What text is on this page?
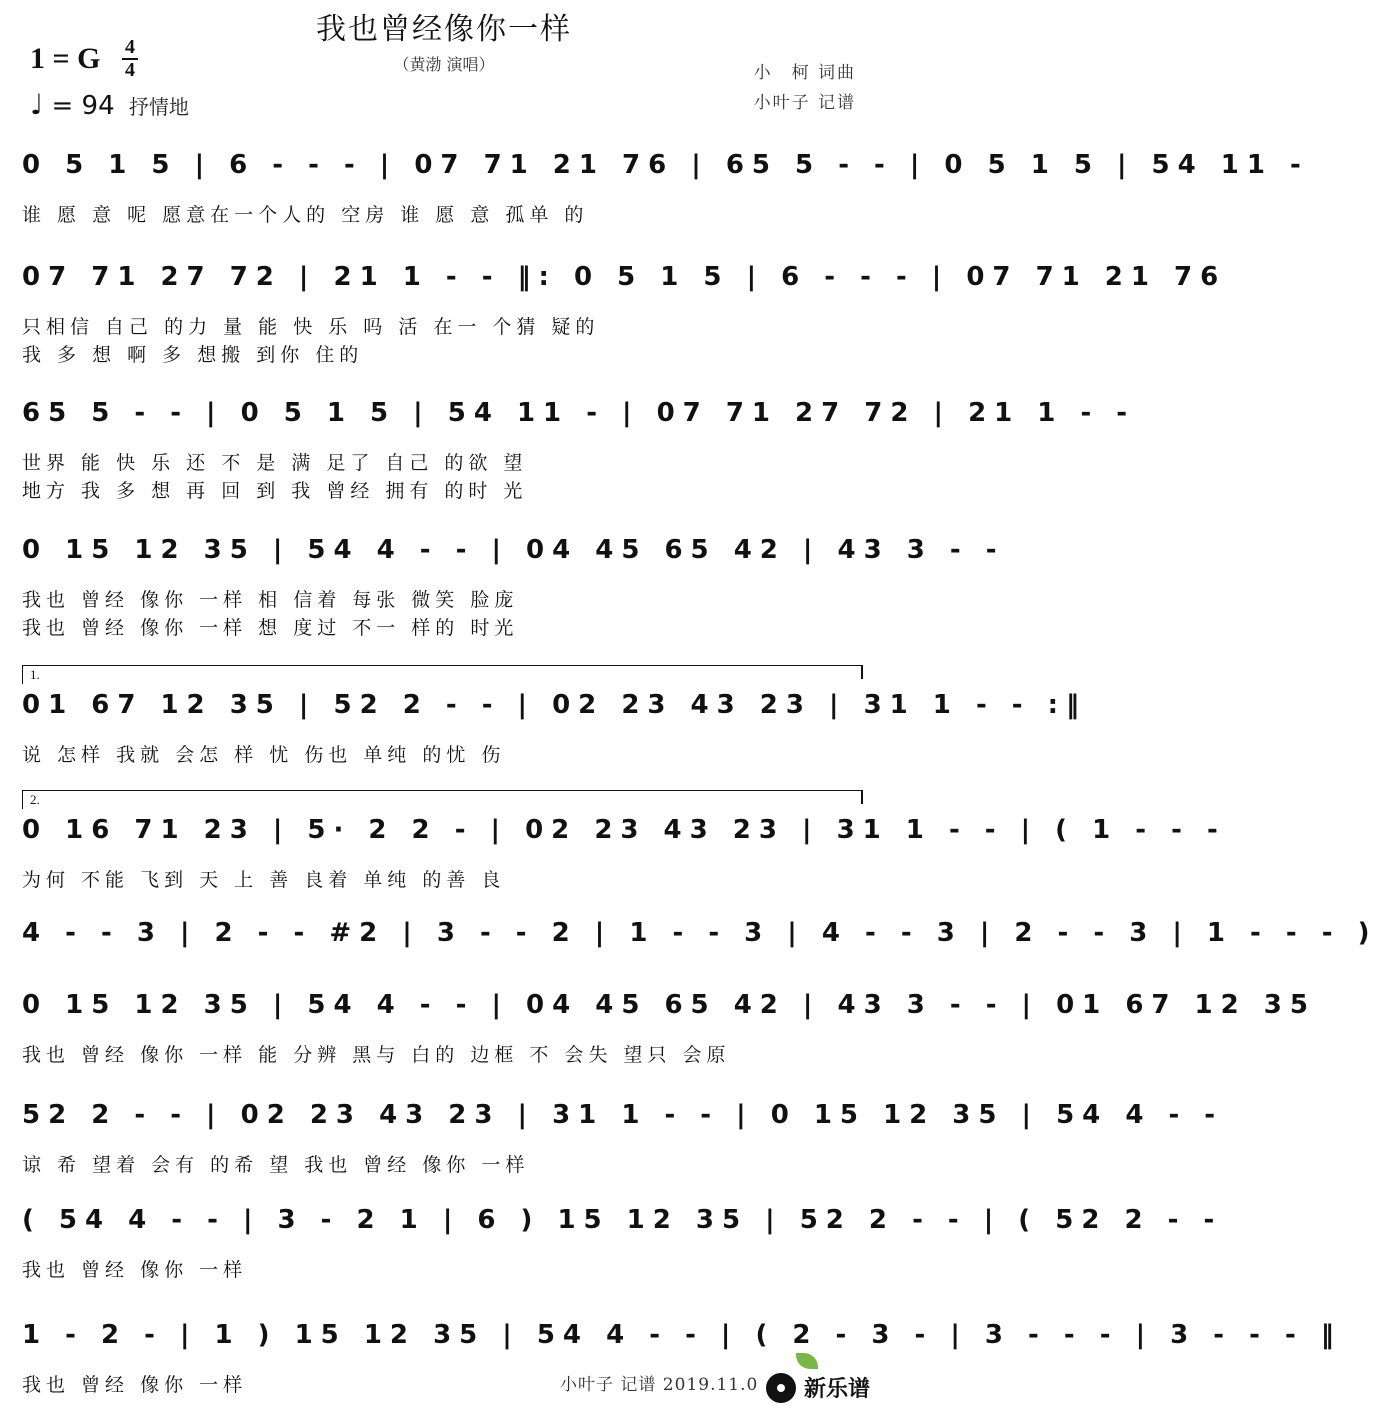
我也曾经像你一样
（黄渤 演唱）
1 = G 4
4
♩ = 94 抒情地
小　柯 词曲
小叶子 记谱
0 5 1 5 | 6 - - - | 07 71 21 76 | 65 5 - - | 0 5 1 5 | 54 11 -
谁 愿 意 呢 愿意在一个人的 空房 谁 愿 意 孤单 的
07 71 27 72 | 21 1 - - ‖: 0 5 1 5 | 6 - - - | 07 71 21 76
只相信 自己 的力 量 能 快 乐 吗 活 在一 个猜 疑的
我 多 想 啊 多 想搬 到你 住的
65 5 - - | 0 5 1 5 | 54 11 - | 07 71 27 72 | 21 1 - -
世界 能 快 乐 还 不 是 满 足了 自己 的欲 望
地方 我 多 想 再 回 到 我 曾经 拥有 的时 光
0 15 12 35 | 54 4 - - | 04 45 65 42 | 43 3 - -
我也 曾经 像你 一样 相 信着 每张 微笑 脸庞
我也 曾经 像你 一样 想 度过 不一 样的 时光
1.
01 67 12 35 | 52 2 - - | 02 23 43 23 | 31 1 - - :‖
说 怎样 我就 会怎 样 忧 伤也 单纯 的忧 伤
2.
0 16 71 23 | 5· 2 2 - | 02 23 43 23 | 31 1 - - | ( 1 - - -
为何 不能 飞到 天 上 善 良着 单纯 的善 良
4 - - 3 | 2 - - #2 | 3 - - 2 | 1 - - 3 | 4 - - 3 | 2 - - 3 | 1 - - - )
0 15 12 35 | 54 4 - - | 04 45 65 42 | 43 3 - - | 01 67 12 35
我也 曾经 像你 一样 能 分辨 黑与 白的 边框 不 会失 望只 会原
52 2 - - | 02 23 43 23 | 31 1 - - | 0 15 12 35 | 54 4 - -
谅 希 望着 会有 的希 望 我也 曾经 像你 一样
( 54 4 - - | 3 - 2 1 | 6 ) 15 12 35 | 52 2 - - | ( 52 2 - -
我也 曾经 像你 一样
1 - 2 - | 1 ) 15 12 35 | 54 4 - - | ( 2 - 3 - | 3 - - - | 3 - - - ‖
我也 曾经 像你 一样	小叶子 记谱 2019.11.0 新乐谱
